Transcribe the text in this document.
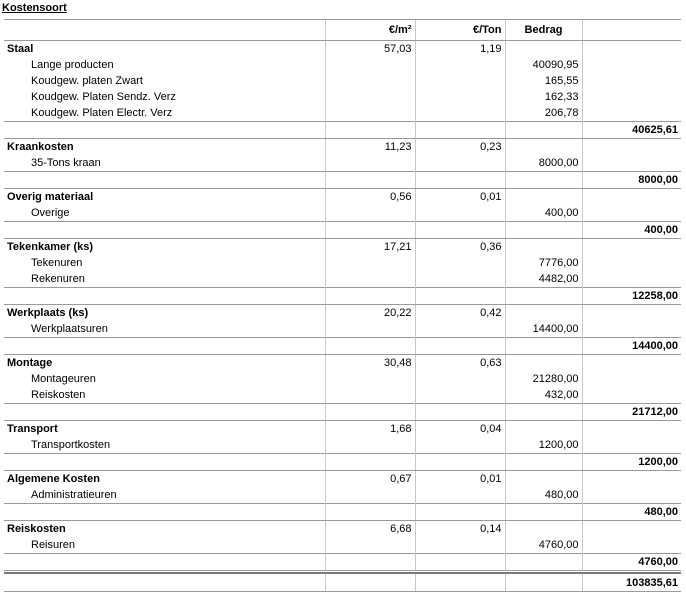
Kostensoort
	€/m²	€/Ton	Bedrag	
Staal	57,03	1,19		
Lange producten			40090,95	
Koudgew. platen Zwart			165,55	
Koudgew. Platen Sendz. Verz			162,33	
Koudgew. Platen Electr. Verz			206,78	
				40625,61
Kraankosten	11,23	0,23		
35-Tons kraan			8000,00	
				8000,00
Overig materiaal	0,56	0,01		
Overige			400,00	
				400,00
Tekenkamer (ks)	17,21	0,36		
Tekenuren			7776,00	
Rekenuren			4482,00	
				12258,00
Werkplaats (ks)	20,22	0,42		
Werkplaatsuren			14400,00	
				14400,00
Montage	30,48	0,63		
Montageuren			21280,00	
Reiskosten			432,00	
				21712,00
Transport	1,68	0,04		
Transportkosten			1200,00	
				1200,00
Algemene Kosten	0,67	0,01		
Administratieuren			480,00	
				480,00
Reiskosten	6,68	0,14		
Reisuren			4760,00	
				4760,00

				103835,61
